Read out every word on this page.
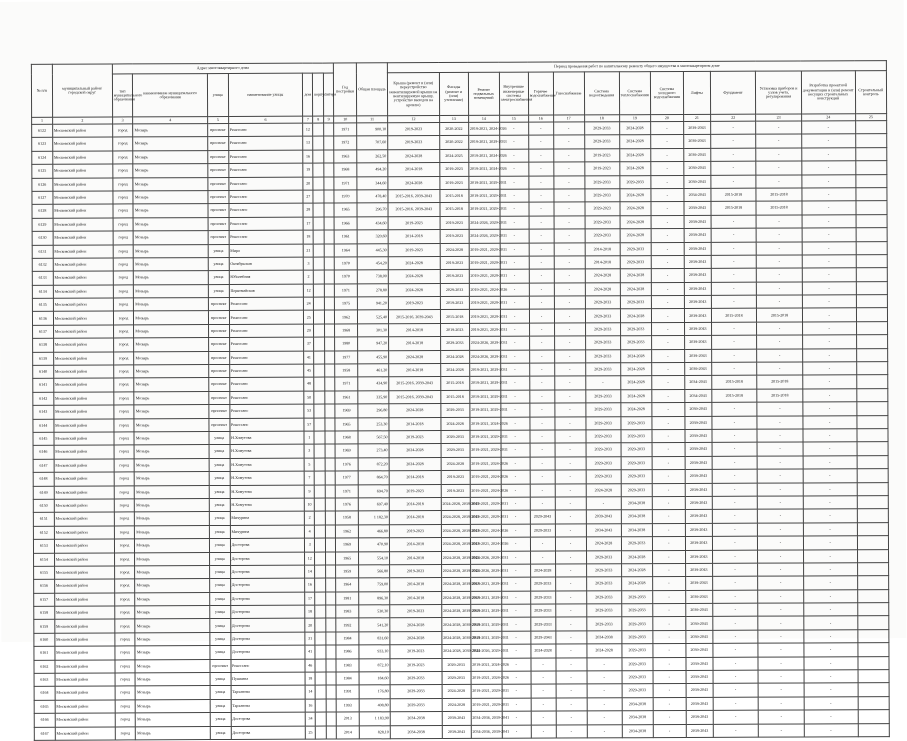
№ п/п	муниципальный район/городской округ	Адрес многоквартирного дома							Год постройки	Общая площадь	Период проведения работ по капитальному ремонту общего имущества в многоквартирном доме													
		тип муниципального образования	наименование муниципального образования	улица	наименование улицы	дом	корпус	литера			Крыша (ремонт и (или) переустройство невентилируемой крыши на вентилируемую крышу, устройство выходов на кровлю)	Фасады (ремонт и (или) утепление)	Ремонт подвальных помещений	Внутренние инженерные системы электроснабжения	Горячее водоснабжение	Газоснабжение	Система водоотведения	Система теплоснабжения	Система холодного водоснабжения	Лифты	Фундамент	Установка приборов и узлов учета, регулирования	Разработка проектной документации и (или) ремонт несущих строительных конструкций	Строительный контроль
1	2	3	4	5	6	7	8	9	10	11	12	13	14	15	16	17	18	19	20	21	22	23	24	25
6122	Московский район	город	Мозырь	проспект	Ренессанс	12			1971	900,10	2019-2023	2020-2022	2019-2021, 2024-2026	-	-	-	2029-2033	2024-2028	-	2039-2043	-	-	-	
6123	Московский район	город	Мозырь	проспект	Ренессанс	13			1972	707,60	2019-2023	2020-2022	2019-2021, 2029-2033	-	-	-	2029-2033	2024-2028	-	2039-2043	-	-	-	
6124	Московский район	город	Мозырь	проспект	Ренессанс	16			1963	262,50	2024-2028	2024-2025	2019-2021, 2024-2026	-	-	-	2019-2023	2024-2028	-	2039-2043	-	-	-	
6125	Московский район	город	Мозырь	проспект	Ренессанс	19			1968	494,20	2014-2018	2019-2023	2019-2021, 2024-2026	-	-	-	2019-2023	2024-2028	-	2039-2043	-	-	-	
6126	Московский район	город	Мозырь	проспект	Ренессанс	20			1971	344,60	2024-2028	2019-2023	2019-2021, 2029-2031	-	-	-	2029-2033	2029-2033	-	2039-2043	-	-	-	
6127	Московский район	город	Мозырь	проспект	Ренессанс	27			1970	478,40	2015-2016, 2039-2043	2015-2018	2019-2021, 2029-2031	-	-	-	2029-2033	2024-2028	-	2034-2043	2015-2018	2015-2018	-	
6128	Московский район	город	Мозырь	проспект	Ренессанс	28			1965	296,70	2015-2016, 2039-2043	2015-2018	2019-2021, 2029-2031	-	-	-	2029-2023	2024-2028	-	2039-2043	2015-2018	2015-2018	-	
6129	Московский район	город	Мозырь	проспект	Ренессанс	17			1966	434,60	2019-2023	2019-2023	2024-2026, 2029-2031	-	-	-	2029-2033	2024-2028	-	2039-2043	-	-	-	
6130	Московский район	город	Мозырь	проспект	Ренессанс	18			1961	320,60	2014-2018	2019-2023	2024-2026, 2029-2031	-	-	-	2029-2033	2024-2028	-	2039-2043	-	-	-	
6131	Московский район	город	Мозырь	улица	Мира	21			1964	445,30	2019-2023	2024-2028	2019-2021, 2029-2031	-	-	-	2014-2018	2029-2033	-	2039-2043	-	-	-	
6132	Московский район	город	Мозырь	улица	Октябрьская	3			1970	454,20	2024-2028	2019-2023	2019-2021, 2029-2031	-	-	-	2014-2018	2029-2033	-	2039-2043	-	-	-	
6133	Московский район	город	Мозырь	улица	Юбилейная	2			1970	738,00	2024-2028	2019-2023	2019-2021, 2029-2031	-	-	-	2024-2028	2024-2028	-	2039-2043	-	-	-	
6134	Московский район	город	Мозырь	улица	Первомайская	12			1971	278,80	2024-2028	2029-2033	2019-2021, 2024-2026	-	-	-	2024-2028	2024-2028	-	2039-2043	-	-	-	
6135	Московский район	город	Мозырь	проспект	Ренессанс	24			1975	941,20	2019-2023	2019-2023	2019-2021, 2029-2031	-	-	-	2029-2033	2029-2033	-	2039-2043	-	-	-	
6136	Московский район	город	Мозырь	проспект	Ренессанс	25			1962	525,40	2015-2016, 2039-2043	2015-2018	2019-2021, 2029-2031	-	-	-	2029-2033	2024-2028	-	2039-2043	2015-2018	2015-2018	-	
6137	Московский район	город	Мозырь	проспект	Ренессанс	29			1968	301,30	2014-2018	2019-2023	2019-2021, 2029-2031	-	-	-	2029-2033	2029-2033	-	2039-2043	-	-	-	
6138	Московский район	город	Мозырь	проспект	Ренессанс	37			1980	947,20	2014-2018	2029-2033	2024-2026, 2029-2031	-	-	-	2029-2033	2029-2033	-	2039-2043	-	-	-	
6139	Московский район	город	Мозырь	проспект	Ренессанс	41			1977	455,90	2024-2028	2024-2028	2024-2026, 2029-2031	-	-	-	2029-2033	2024-2028	-	2039-2043	-	-	-	
6140	Московский район	город	Мозырь	проспект	Ренессанс	45			1958	461,20	2014-2018	2024-2028	2019-2021, 2029-2031	-	-	-	2029-2033	2024-2028	-	2039-2043	-	-	-	
6141	Московский район	город	Мозырь	проспект	Ренессанс	48			1971	434,90	2015-2016, 2039-2043	2015-2018	2019-2021, 2029-2031	-	-	-	-	2024-2028	-	2034-2043	2015-2018	2015-2018	-	
6142	Московский район	город	Мозырь	проспект	Ренессанс	50			1961	335,90	2015-2016, 2039-2043	2015-2018	2019-2021, 2029-2031	-	-	-	2029-2033	2024-2028	-	2034-2043	2015-2018	2015-2018	-	
6143	Московский район	город	Мозырь	проспект	Ренессанс	53			1969	296,80	2024-2028	2029-2033	2019-2021, 2029-2031	-	-	-	2029-2033	2024-2028	-	2039-2043	-	-	-	
6144	Московский район	город	Мозырь	проспект	Ренессанс	57			1965	253,30	2014-2018	2024-2028	2019-2021, 2024-2026	-	-	-	2029-2033	2029-2033	-	2039-2043	-	-	-	
6145	Московский район	город	Мозырь	улица	Н.Хомутова	1			1968	567,50	2019-2023	2029-2033	2019-2021, 2029-2031	-	-	-	2029-2033	2029-2033	-	2039-2043	-	-	-	
6146	Московский район	город	Мозырь	улица	Н.Хомутова	3			1969	273,40	2024-2028	2029-2033	2019-2021, 2029-2031	-	-	-	2029-2033	2029-2033	-	2039-2043	-	-	-	
6147	Московский район	город	Мозырь	улица	Н.Хомутова	5			1976	872,20	2024-2028	2024-2028	2019-2021, 2024-2026	-	-	-	2029-2033	2029-2033	-	2039-2043	-	-	-	
6148	Московский район	город	Мозырь	улица	Н.Хомутова	7			1977	864,70	2014-2018	2019-2023	2019-2021, 2024-2026	-	-	-	2029-2033	2029-2033	-	2039-2043	-	-	-	
6149	Московский район	город	Мозырь	улица	Н.Хомутова	9			1971	694,70	2019-2023	2019-2023	2019-2021, 2024-2026	-	-	-	2024-2028	2029-2033	-	2039-2043	-	-	-	
6150	Московский район	город	Мозырь	улица	Н.Хомутова	10			1976	697,40	2014-2018	2024-2028, 2039-2043	2019-2021, 2029-2031	-	-	-	-	2034-2038	-	2039-2043	-	-	-	
6151	Московский район	город	Мозырь	улица	Мичурина	2			1958	1 182,30	2014-2018	2024-2028, 2039-2043	2019-2021, 2029-2031	-	2029-2043	-	2039-2043	2034-2038	-	2039-2043	-	-	-	
6152	Московский район	город	Мозырь	улица	Мичурина	4			1962	466,80	2019-2023	2024-2028, 2039-2043	2019-2021, 2024-2026	-	2029-2033	-	2034-2043	2034-2038	-	2039-2043	-	-	-	
6153	Московский район	город	Мозырь	улица	Досторова	3			1969	470,90	2014-2018	2024-2028, 2039-2043	2019-2021, 2024-2026	-	-	-	2024-2028	2029-2033	-	2039-2043	-	-	-	
6154	Московский район	город	Мозырь	улица	Досторова	12			1965	554,10	2014-2018	2024-2028, 2039-2043	2024-2026, 2029-2031	-	-	-	2029-2033	2024-2028	-	2039-2043	-	-	-	
6155	Московский район	город	Мозырь	улица	Досторова	14			1959	566,80	2019-2023	2024-2028, 2039-2043	2024-2026, 2029-2031	-	2024-2028	-	2029-2033	2024-2028	-	2039-2043	-	-	-	
6156	Московский район	город	Мозырь	улица	Досторова	16			1964	759,00	2014-2018	2024-2028, 2039-2043	2019-2021, 2029-2031	-	2029-2033	-	2029-2033	2024-2028	-	2039-2043	-	-	-	
6157	Московский район	город	Мозырь	улица	Досторова	17			1981	896,30	2014-2018	2024-2028, 2039-2043	2019-2021, 2029-2031	-	2029-2033	-	2029-2033	2029-2033	-	2039-2043	-	-	-	
6158	Московский район	город	Мозырь	улица	Досторова	18			1983	530,30	2019-2023	2024-2028, 2039-2043	2019-2021, 2029-2031	-	2029-2033	-	2029-2033	2029-2033	-	2039-2043	-	-	-	
6159	Московский район	город	Мозырь	улица	Досторова	20			1992	541,20	2024-2028	2024-2028, 2039-2043	2019-2021, 2029-2031	-	2029-2033	-	2029-2033	2029-2033	-	2039-2043	-	-	-	
6160	Московский район	город	Мозырь	улица	Досторова	31			1984	831,60	2024-2028	2024-2028, 2039-2043	2019-2021, 2029-2031	-	2029-2043	-	2034-2038	2029-2033	-	2039-2043	-	-	-	
6161	Московский район	город	Мозырь	улица	Досторова	41			1986	933,10	2019-2023	2024-2028, 2039-2043	2024-2026, 2029-2031	-	2024-2028	-	2024-2028	2029-2033	-	2039-2043	-	-	-	
6162	Московский район	город	Мозырь	проспект	Ренессанс	46			1983	872,10	2019-2023	2029-2033	2019-2021, 2024-2026	-	-	-	-	2029-2033	-	2039-2043	-	-	-	
6163	Московский район	город	Мозырь	улица	Пушкина	18			1984	184,60	2029-2033	2029-2033	2019-2021, 2024-2026	-	-	-	-	2029-2033	-	2039-2043	-	-	-	
6164	Московский район	город	Мозырь	улица	Тарханова	14			1991	176,80	2029-2033	2024-2028	2019-2021, 2029-2031	-	-	-	-	2029-2033	-	2039-2043	-	-	-	
6165	Московский район	город	Мозырь	улица	Тарханова	16			1993	408,80	2029-2033	2024-2028	2019-2021, 2029-2031	-	-	-	-	2034-2038	-	2039-2043	-	-	-	
6166	Московский район	город	Мозырь	улица	Досторова	34			2013	1 183,90	2034-2038	2039-2043	2034-2036, 2039-2041	-	-	-	-	2034-2038	-	2039-2043	-	-	-	
6167	Московский район	город	Мозырь	улица	Досторова	25			2014	828,10	2034-2038	2039-2043	2034-2036, 2039-2041	-	-	-	-	2034-2038	-	2039-2043	-	-	-	
